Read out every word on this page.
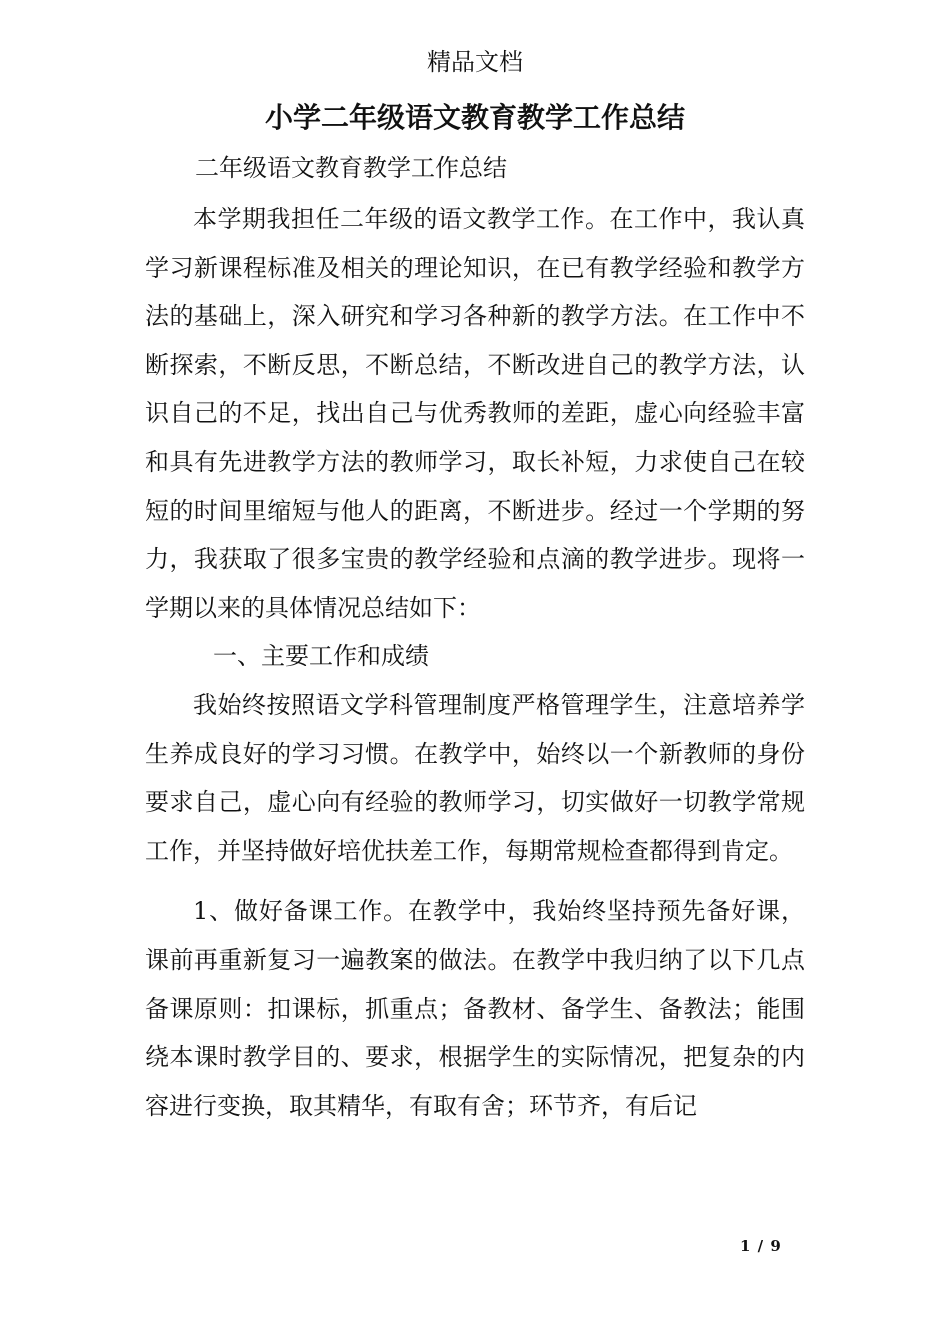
精品文档
小学二年级语文教育教学工作总结
二年级语文教育教学工作总结

本学期我担任二年级的语文教学工作。在工作中，我认真学习新课程标准及相关的理论知识，在已有教学经验和教学方法的基础上，深入研究和学习各种新的教学方法。在工作中不断探索，不断反思，不断总结，不断改进自己的教学方法，认识自己的不足，找出自己与优秀教师的差距，虚心向经验丰富和具有先进教学方法的教师学习，取长补短，力求使自己在较短的时间里缩短与他人的距离，不断进步。经过一个学期的努力，我获取了很多宝贵的教学经验和点滴的教学进步。现将一学期以来的具体情况总结如下：

一、主要工作和成绩

我始终按照语文学科管理制度严格管理学生，注意培养学生养成良好的学习习惯。在教学中，始终以一个新教师的身份要求自己，虚心向有经验的教师学习，切实做好一切教学常规工作，并坚持做好培优扶差工作，每期常规检查都得到肯定。

1、做好备课工作。在教学中，我始终坚持预先备好课，课前再重新复习一遍教案的做法。在教学中我归纳了以下几点备课原则：扣课标，抓重点；备教材、备学生、备教法；能围绕本课时教学目的、要求，根据学生的实际情况，把复杂的内容进行变换，取其精华，有取有舍；环节齐，有后记

1 / 9
